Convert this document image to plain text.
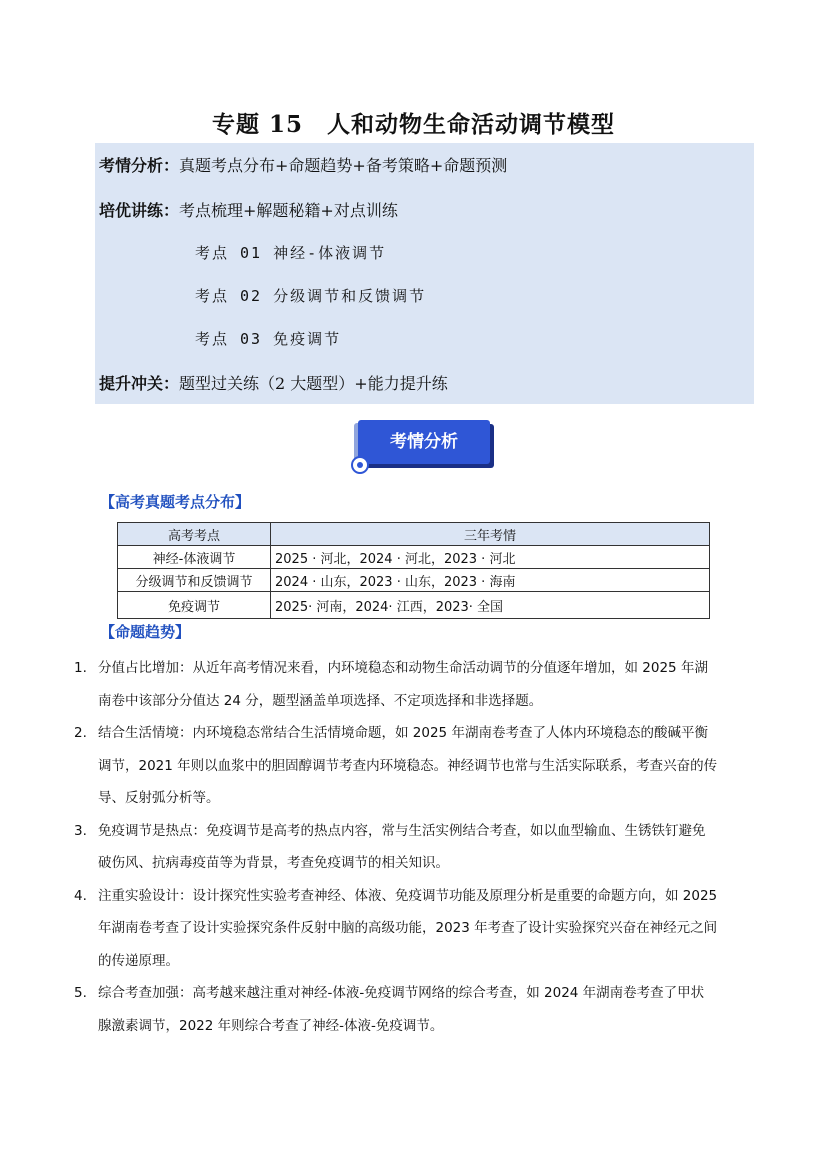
专题 15　人和动物生命活动调节模型
考情分析：真题考点分布+命题趋势+备考策略+命题预测
培优讲练：考点梳理+解题秘籍+对点训练
考点 01 神经-体液调节
考点 02 分级调节和反馈调节
考点 03 免疫调节
提升冲关：题型过关练（2 大题型）+能力提升练
考情分析
【高考真题考点分布】
高考考点	三年考情
神经-体液调节	2025 · 河北，2024 · 河北，2023 · 河北
分级调节和反馈调节	2024 · 山东，2023 · 山东，2023 · 海南
免疫调节	2025· 河南，2024· 江西，2023· 全国
【命题趋势】
1. 分值占比增加：从近年高考情况来看，内环境稳态和动物生命活动调节的分值逐年增加，如 2025 年湖
南卷中该部分分值达 24 分，题型涵盖单项选择、不定项选择和非选择题。
2. 结合生活情境：内环境稳态常结合生活情境命题，如 2025 年湖南卷考查了人体内环境稳态的酸碱平衡
调节，2021 年则以血浆中的胆固醇调节考查内环境稳态。神经调节也常与生活实际联系，考查兴奋的传
导、反射弧分析等。
3. 免疫调节是热点：免疫调节是高考的热点内容，常与生活实例结合考查，如以血型输血、生锈铁钉避免
破伤风、抗病毒疫苗等为背景，考查免疫调节的相关知识。
4. 注重实验设计：设计探究性实验考查神经、体液、免疫调节功能及原理分析是重要的命题方向，如 2025
年湖南卷考查了设计实验探究条件反射中脑的高级功能，2023 年考查了设计实验探究兴奋在神经元之间
的传递原理。
5. 综合考查加强：高考越来越注重对神经-体液-免疫调节网络的综合考查，如 2024 年湖南卷考查了甲状
腺激素调节，2022 年则综合考查了神经-体液-免疫调节。
